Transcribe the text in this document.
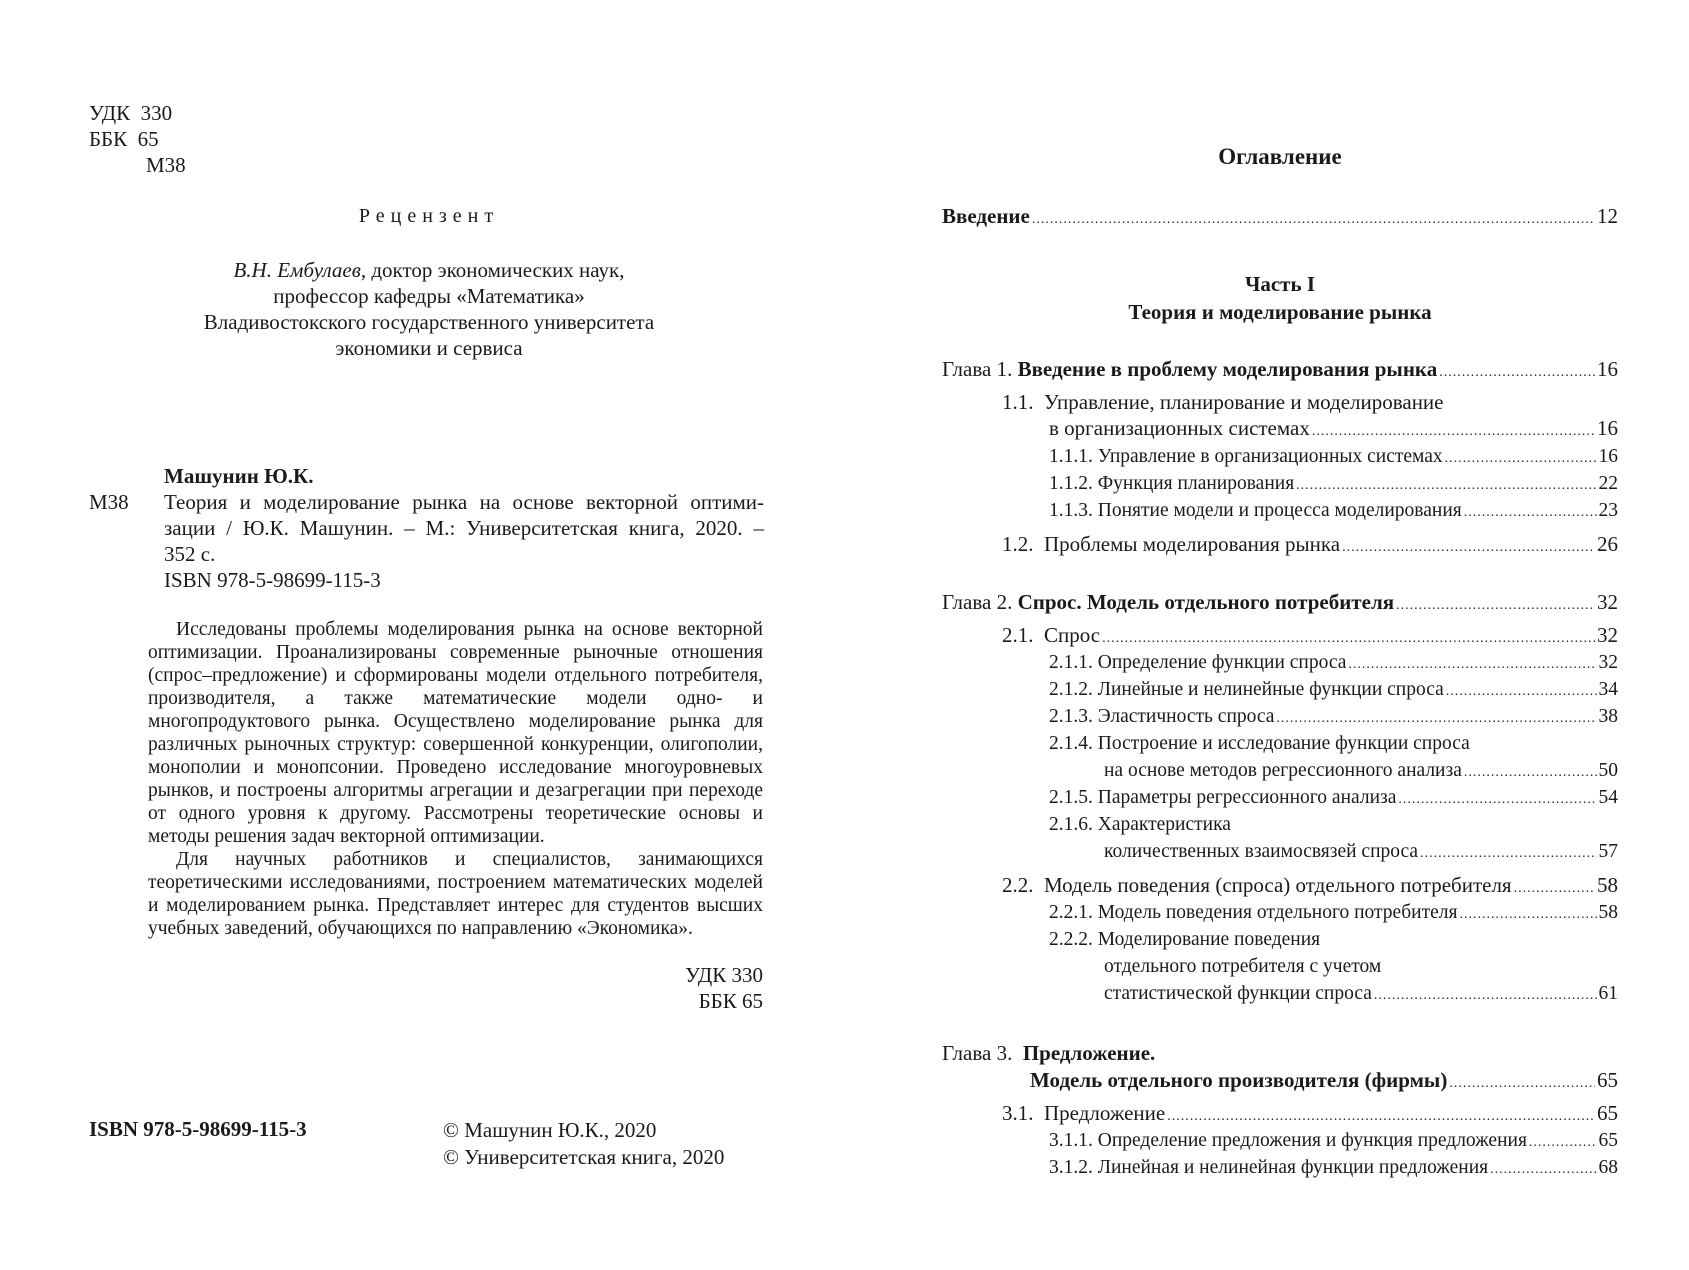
УДК 330
ББК 65
М38
Рецензент
В.Н. Ембулаев, доктор экономических наук,
профессор кафедры «Математика»
Владивостокского государственного университета
экономики и сервиса
Машунин Ю.К.
М38	Теория и моделирование рынка на основе векторной оптими-
зации / Ю.К. Машунин. – М.: Университетская книга, 2020. –
352 с.
ISBN 978-5-98699-115-3

Исследованы проблемы моделирования рынка на основе векторной оптимизации. Проанализированы современные рыночные отношения (спрос–предложение) и сформированы модели отдельного потребителя, производителя, а также математические модели одно- и многопродуктового рынка. Осуществлено моделирование рынка для различных рыночных структур: совершенной конкуренции, олигополии, монополии и монопсонии. Проведено исследование многоуровневых рынков, и построены алгоритмы агрегации и дезагрегации при переходе от одного уровня к другому. Рассмотрены теоретические основы и методы решения задач векторной оптимизации.

Для научных работников и специалистов, занимающихся теоретическими исследованиями, построением математических моделей и моделированием рынка. Представляет интерес для студентов высших учебных заведений, обучающихся по направлению «Экономика».

УДК 330
ББК 65
ISBN 978-5-98699-115-3	© Машунин Ю.К., 2020
© Университетская книга, 2020
Оглавление
Введение .....	12
Часть I
Теория и моделирование рынка
Глава 1. Введение в проблему моделирования рынка .....	16
1.1. Управление, планирование и моделирование
в организационных системах .....	16
1.1.1. Управление в организационных системах .....	16
1.1.2. Функция планирования .....	22
1.1.3. Понятие модели и процесса моделирования .....	23
1.2. Проблемы моделирования рынка .....	26
Глава 2. Спрос. Модель отдельного потребителя .....	32
2.1. Спрос .....	32
2.1.1. Определение функции спроса .....	32
2.1.2. Линейные и нелинейные функции спроса .....	34
2.1.3. Эластичность спроса .....	38
2.1.4. Построение и исследование функции спроса
на основе методов регрессионного анализа .....	50
2.1.5. Параметры регрессионного анализа .....	54
2.1.6. Характеристика
количественных взаимосвязей спроса .....	57
2.2. Модель поведения (спроса) отдельного потребителя .....	58
2.2.1. Модель поведения отдельного потребителя .....	58
2.2.2. Моделирование поведения
отдельного потребителя с учетом
статистической функции спроса .....	61
Глава 3. Предложение.
Модель отдельного производителя (фирмы) .....	65
3.1. Предложение .....	65
3.1.1. Определение предложения и функция предложения .....	65
3.1.2. Линейная и нелинейная функции предложения .....	68
